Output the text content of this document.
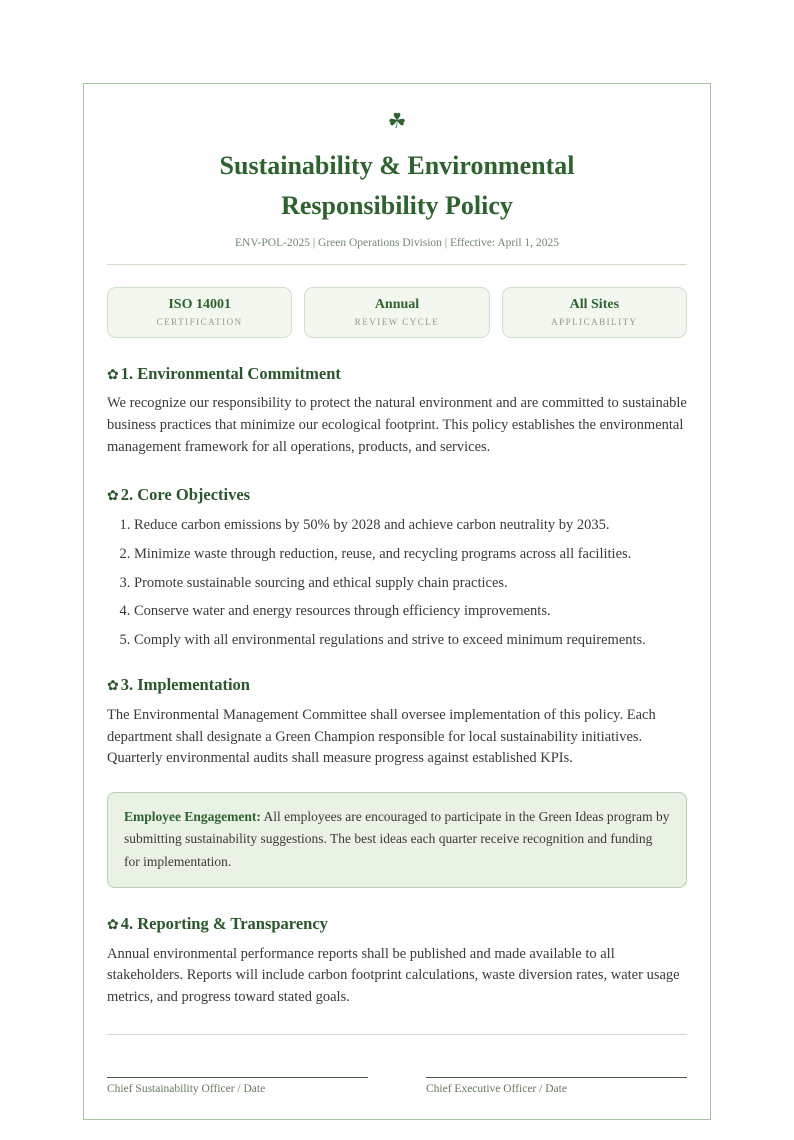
☘
Sustainability & Environmental Responsibility Policy
ENV-POL-2025 | Green Operations Division | Effective: April 1, 2025
ISO 14001
CERTIFICATION
Annual
REVIEW CYCLE
All Sites
APPLICABILITY
✿ 1. Environmental Commitment

We recognize our responsibility to protect the natural environment and are committed to sustainable business practices that minimize our ecological footprint. This policy establishes the environmental management framework for all operations, products, and services.

✿ 2. Core Objectives
1. Reduce carbon emissions by 50% by 2028 and achieve carbon neutrality by 2035.
2. Minimize waste through reduction, reuse, and recycling programs across all facilities.
3. Promote sustainable sourcing and ethical supply chain practices.
4. Conserve water and energy resources through efficiency improvements.
5. Comply with all environmental regulations and strive to exceed minimum requirements.
✿ 3. Implementation

The Environmental Management Committee shall oversee implementation of this policy. Each department shall designate a Green Champion responsible for local sustainability initiatives. Quarterly environmental audits shall measure progress against established KPIs.

Employee Engagement: All employees are encouraged to participate in the Green Ideas program by submitting sustainability suggestions. The best ideas each quarter receive recognition and funding for implementation.
✿ 4. Reporting & Transparency

Annual environmental performance reports shall be published and made available to all stakeholders. Reports will include carbon footprint calculations, waste diversion rates, water usage metrics, and progress toward stated goals.

Chief Sustainability Officer / Date	Chief Executive Officer / Date
